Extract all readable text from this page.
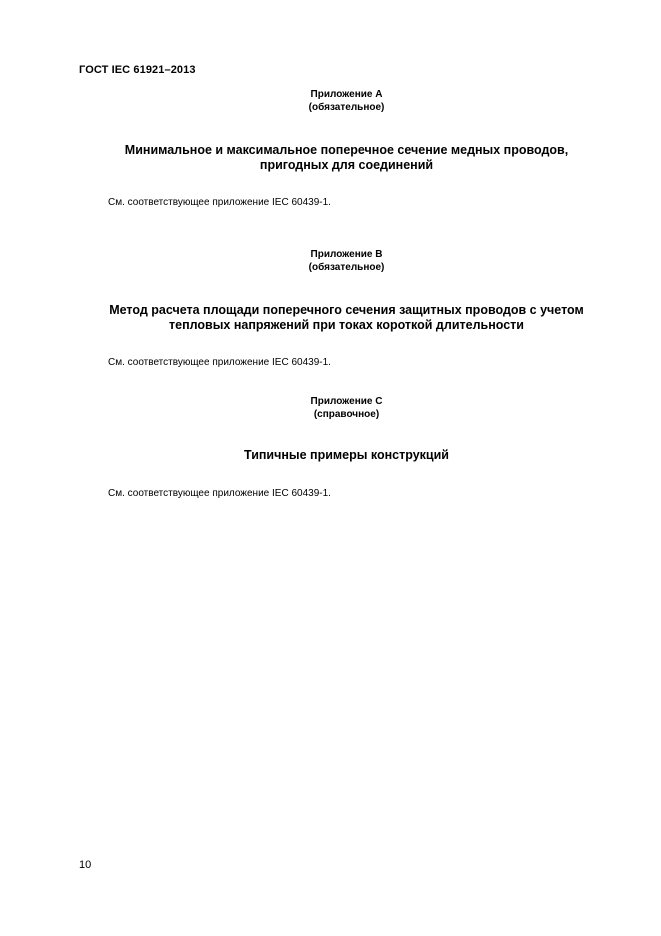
ГОСТ IEC 61921–2013
Приложение А
(обязательное)
Минимальное и максимальное поперечное сечение медных проводов,
пригодных для соединений
См. соответствующее приложение IEC 60439-1.
Приложение В
(обязательное)
Метод расчета площади поперечного сечения защитных проводов с учетом
тепловых напряжений при токах короткой длительности
См. соответствующее приложение IEC 60439-1.
Приложение С
(справочное)
Типичные примеры конструкций
См. соответствующее приложение IEC 60439-1.
10
